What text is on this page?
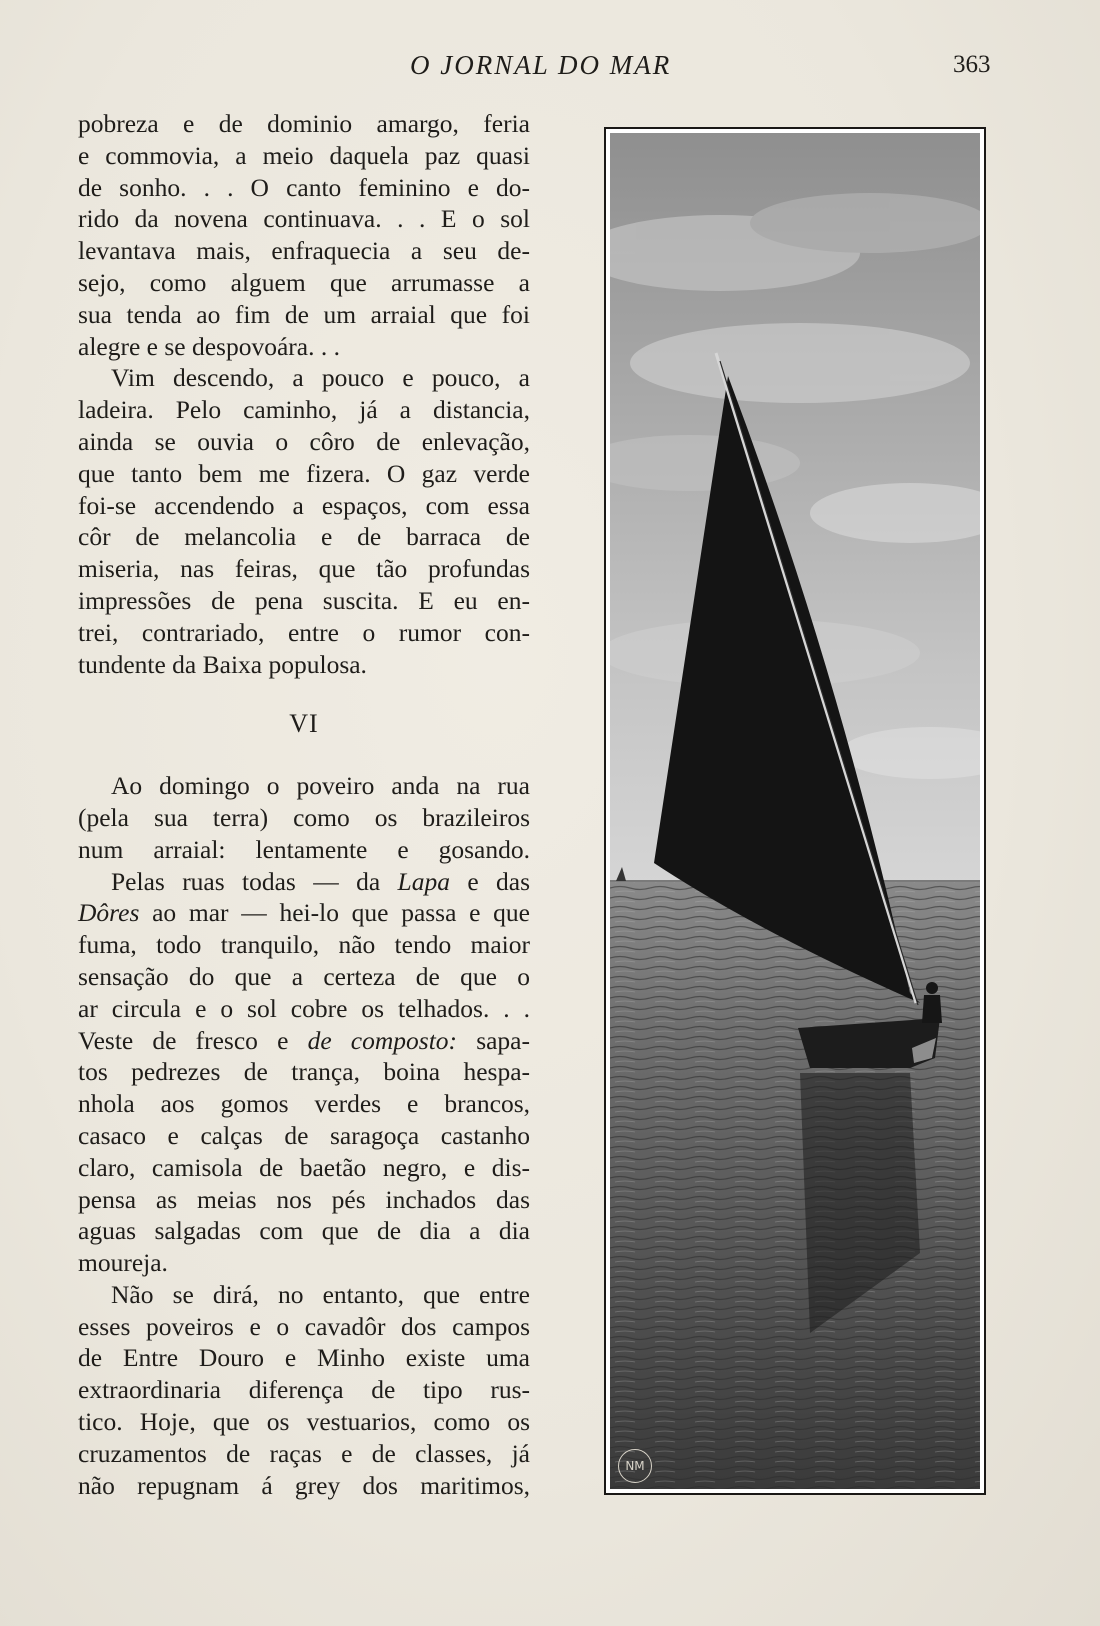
O JORNAL DO MAR	363

pobreza e de dominio amargo, feria

e commovia, a meio daquela paz quasi

de sonho. . . O canto feminino e do-

rido da novena continuava. . . E o sol

levantava mais, enfraquecia a seu de-

sejo, como alguem que arrumasse a

sua tenda ao fim de um arraial que foi

alegre e se despovoára. . .

Vim descendo, a pouco e pouco, a

ladeira. Pelo caminho, já a distancia,

ainda se ouvia o côro de enlevação,

que tanto bem me fizera. O gaz verde

foi-se accendendo a espaços, com essa

côr de melancolia e de barraca de

miseria, nas feiras, que tão profundas

impressões de pena suscita. E eu en-

trei, contrariado, entre o rumor con-

tundente da Baixa populosa.

VI

Ao domingo o poveiro anda na rua

(pela sua terra) como os brazileiros

num arraial: lentamente e gosando.

Pelas ruas todas — da Lapa e das

Dôres ao mar — hei-lo que passa e que

fuma, todo tranquilo, não tendo maior

sensação do que a certeza de que o

ar circula e o sol cobre os telhados. . .

Veste de fresco e de composto: sapa-

tos pedrezes de trança, boina hespa-

nhola aos gomos verdes e brancos,

casaco e calças de saragoça castanho

claro, camisola de baetão negro, e dis-

pensa as meias nos pés inchados das

aguas salgadas com que de dia a dia

moureja.

Não se dirá, no entanto, que entre

esses poveiros e o cavadôr dos campos

de Entre Douro e Minho existe uma

extraordinaria diferença de tipo rus-

tico. Hoje, que os vestuarios, como os

cruzamentos de raças e de classes, já

não repugnam á grey dos maritimos,

NM
